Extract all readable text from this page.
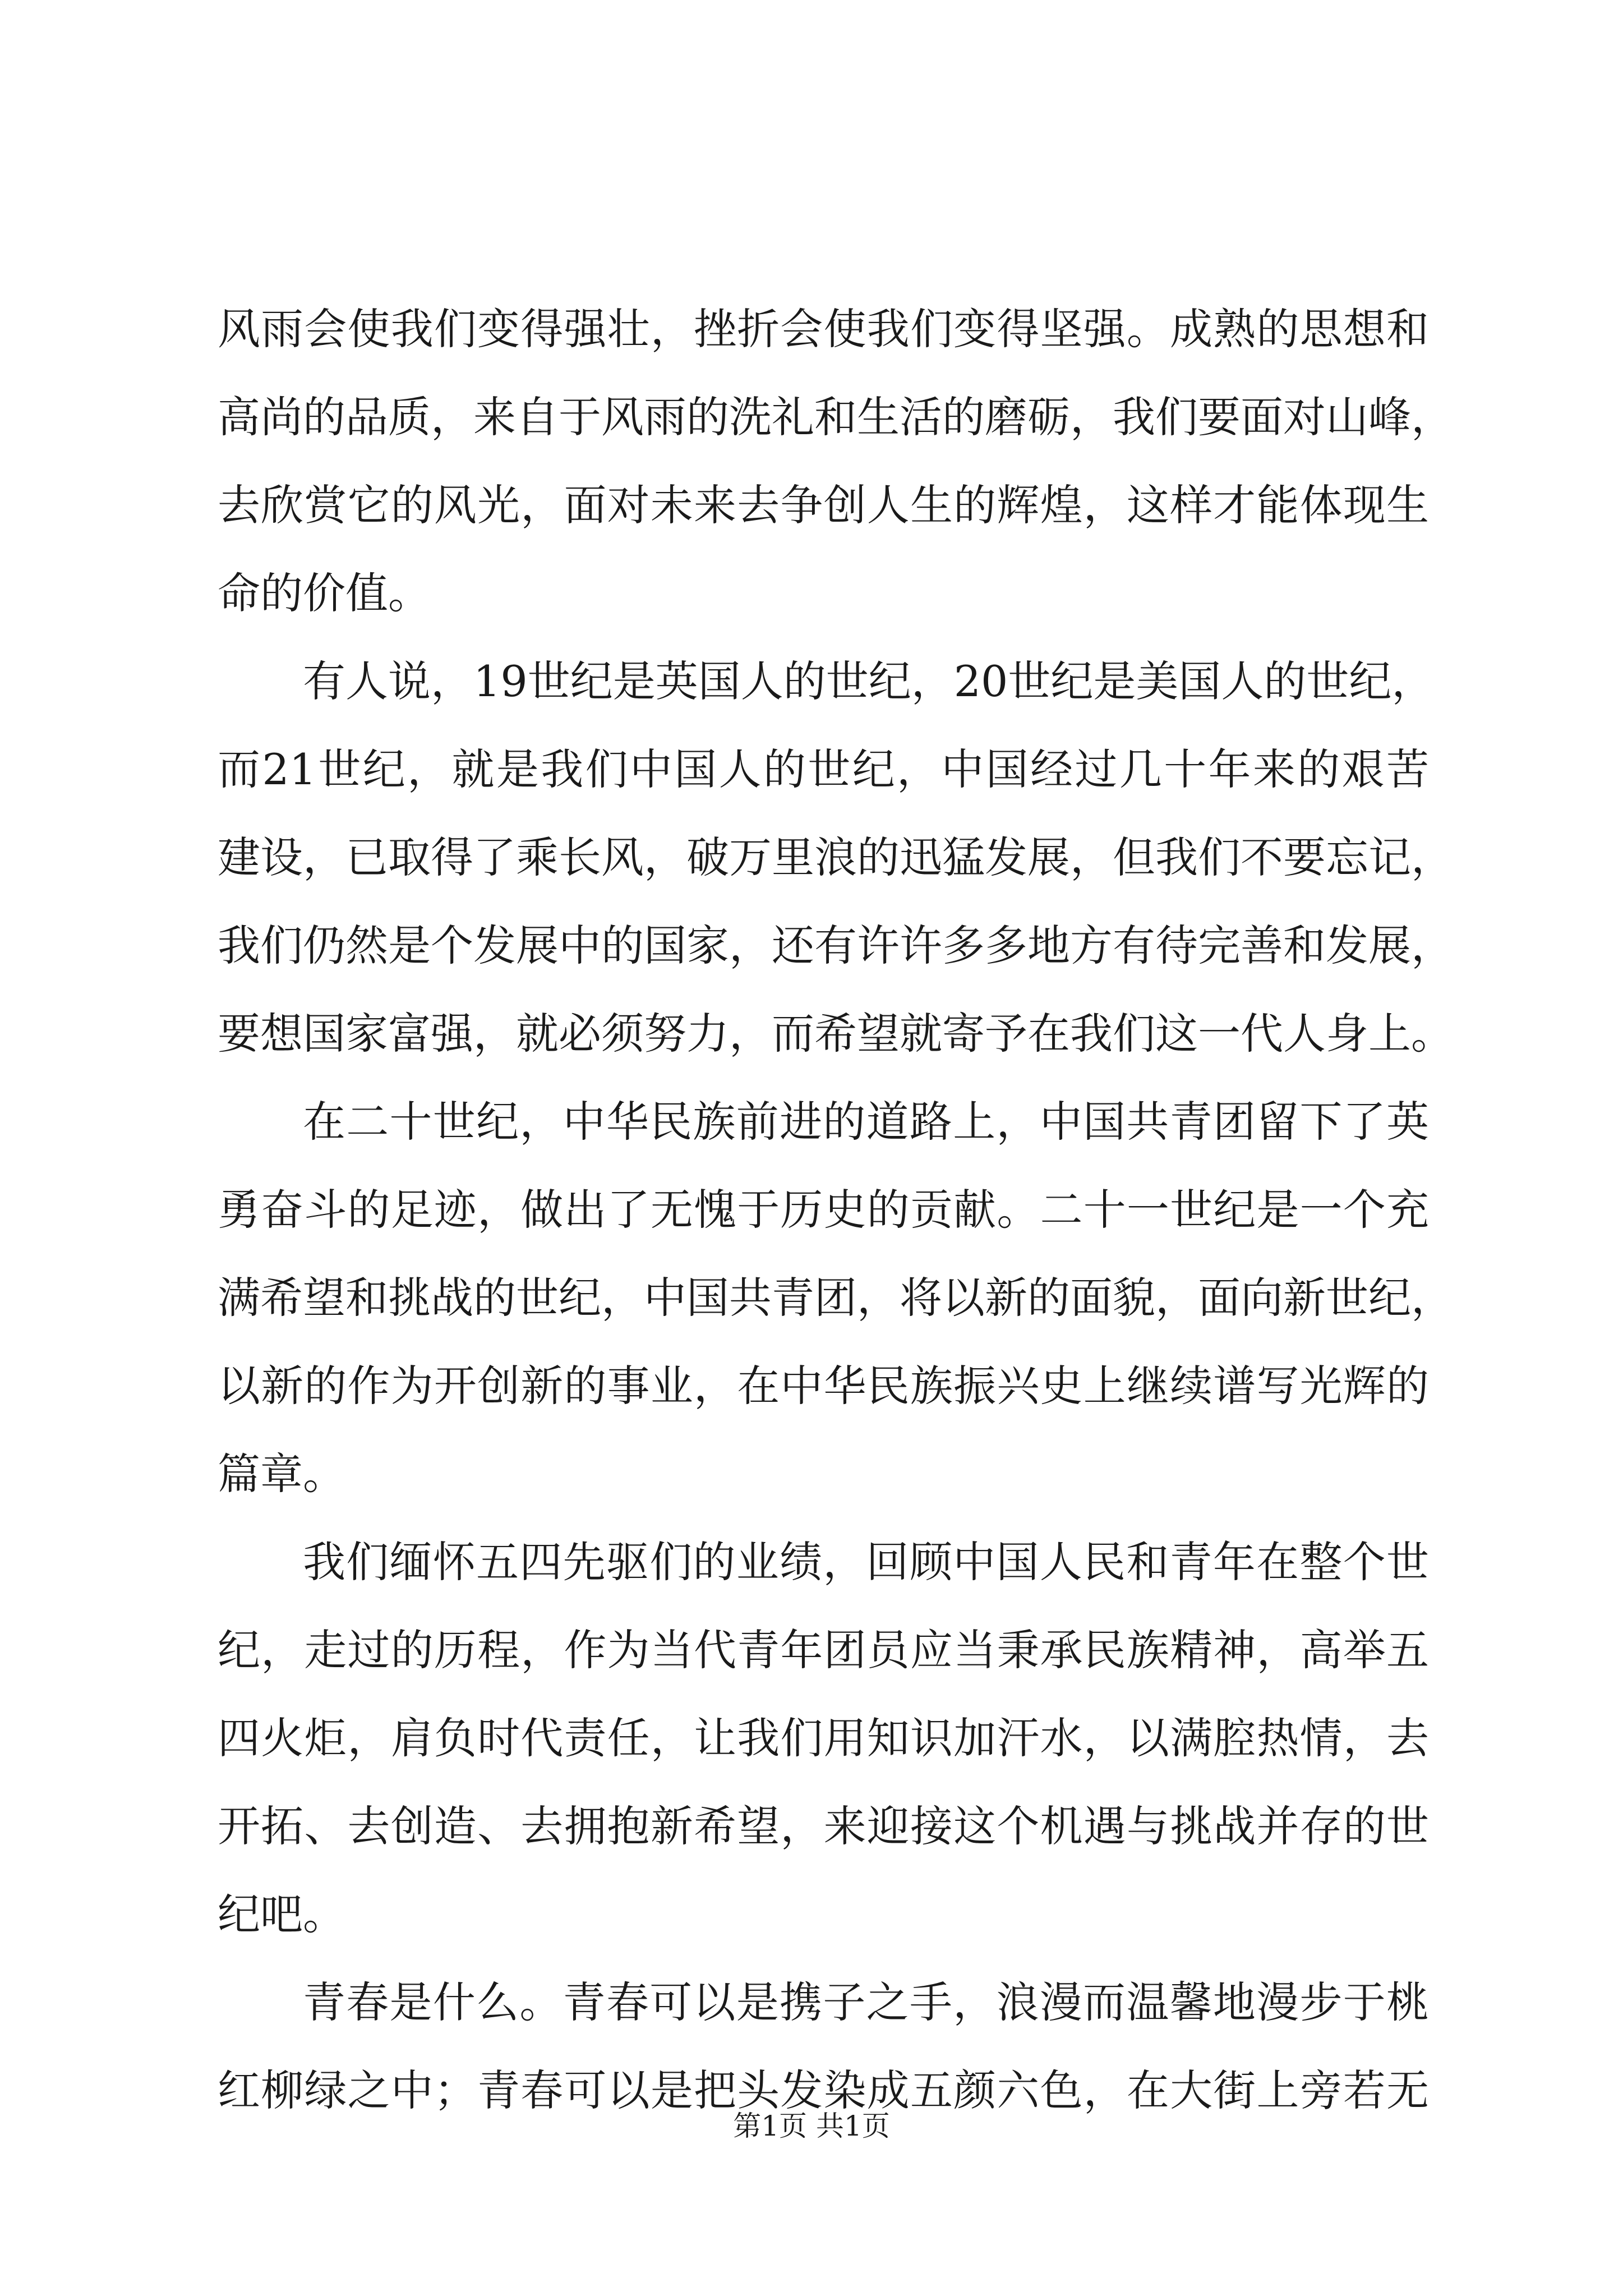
风雨会使我们变得强壮，挫折会使我们变得坚强。成熟的思想和
高尚的品质，来自于风雨的洗礼和生活的磨砺，我们要面对山峰，
去欣赏它的风光，面对未来去争创人生的辉煌，这样才能体现生
命的价值。
有人说，19世纪是英国人的世纪，20世纪是美国人的世纪，
而21世纪，就是我们中国人的世纪，中国经过几十年来的艰苦
建设，已取得了乘长风，破万里浪的迅猛发展，但我们不要忘记，
我们仍然是个发展中的国家，还有许许多多地方有待完善和发展，
要想国家富强，就必须努力，而希望就寄予在我们这一代人身上。
在二十世纪，中华民族前进的道路上，中国共青团留下了英
勇奋斗的足迹，做出了无愧于历史的贡献。二十一世纪是一个充
满希望和挑战的世纪，中国共青团，将以新的面貌，面向新世纪，
以新的作为开创新的事业，在中华民族振兴史上继续谱写光辉的
篇章。
我们缅怀五四先驱们的业绩，回顾中国人民和青年在整个世
纪，走过的历程，作为当代青年团员应当秉承民族精神，高举五
四火炬，肩负时代责任，让我们用知识加汗水，以满腔热情，去
开拓、去创造、去拥抱新希望，来迎接这个机遇与挑战并存的世
纪吧。
青春是什么。青春可以是携子之手，浪漫而温馨地漫步于桃
红柳绿之中；青春可以是把头发染成五颜六色，在大街上旁若无
第1页 共1页
